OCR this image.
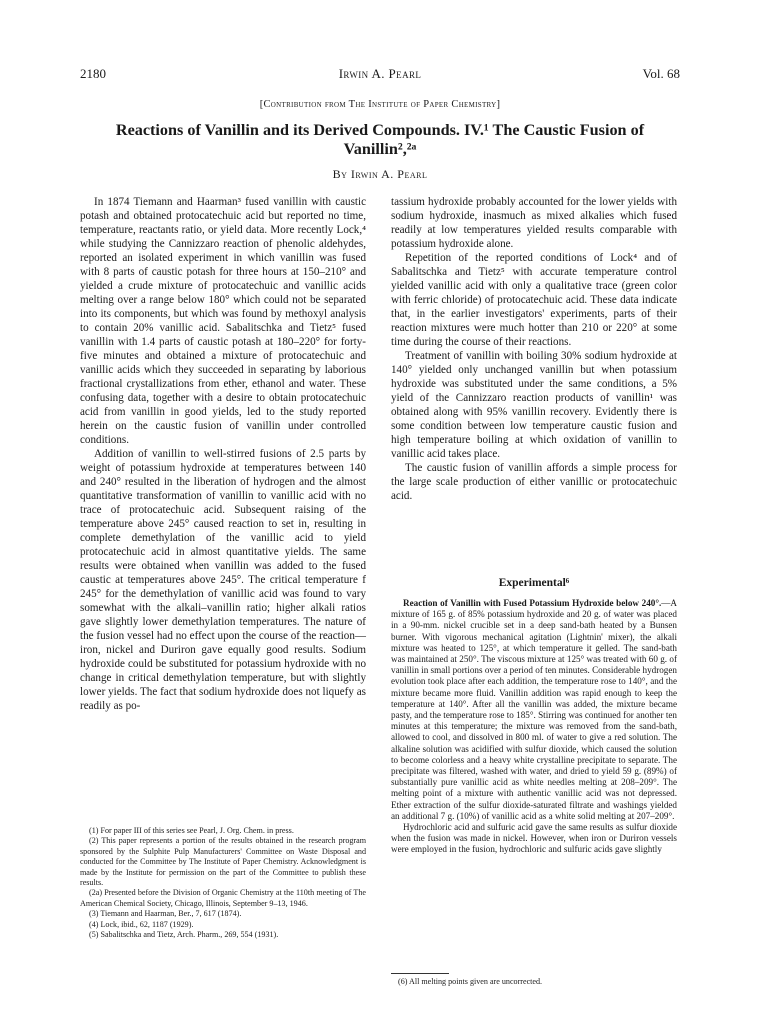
2180	Irwin A. Pearl	Vol. 68
[Contribution from The Institute of Paper Chemistry]
Reactions of Vanillin and its Derived Compounds. IV.¹ The Caustic Fusion of
Vanillin²,²ᵃ
By Irwin A. Pearl

In 1874 Tiemann and Haarman³ fused vanillin with caustic potash and obtained protocatechuic acid but reported no time, temperature, reactants ratio, or yield data. More recently Lock,⁴ while studying the Cannizzaro reaction of phenolic aldehydes, reported an isolated experiment in which vanillin was fused with 8 parts of caustic potash for three hours at 150–210° and yielded a crude mixture of protocatechuic and vanillic acids melting over a range below 180° which could not be separated into its components, but which was found by methoxyl analysis to contain 20% vanillic acid. Sabalitschka and Tietz⁵ fused vanillin with 1.4 parts of caustic potash at 180–220° for forty-five minutes and obtained a mixture of protocatechuic and vanillic acids which they succeeded in separating by laborious fractional crystallizations from ether, ethanol and water. These confusing data, together with a desire to obtain protocatechuic acid from vanillin in good yields, led to the study reported herein on the caustic fusion of vanillin under controlled conditions.

Addition of vanillin to well-stirred fusions of 2.5 parts by weight of potassium hydroxide at temperatures between 140 and 240° resulted in the liberation of hydrogen and the almost quantitative transformation of vanillin to vanillic acid with no trace of protocatechuic acid. Subsequent raising of the temperature above 245° caused reaction to set in, resulting in complete demethylation of the vanillic acid to yield protocatechuic acid in almost quantitative yields. The same results were obtained when vanillin was added to the fused caustic at temperatures above 245°. The critical temperature f 245° for the demethylation of vanillic acid was found to vary somewhat with the alkali–vanillin ratio; higher alkali ratios gave slightly lower demethylation temperatures. The nature of the fusion vessel had no effect upon the course of the reaction—iron, nickel and Duriron gave equally good results. Sodium hydroxide could be substituted for potassium hydroxide with no change in critical demethylation temperature, but with slightly lower yields. The fact that sodium hydroxide does not liquefy as readily as po-

(1) For paper III of this series see Pearl, J. Org. Chem. in press.

(2) This paper represents a portion of the results obtained in the research program sponsored by the Sulphite Pulp Manufacturers' Committee on Waste Disposal and conducted for the Committee by The Institute of Paper Chemistry. Acknowledgment is made by the Institute for permission on the part of the Committee to publish these results.

(2a) Presented before the Division of Organic Chemistry at the 110th meeting of The American Chemical Society, Chicago, Illinois, September 9–13, 1946.

(3) Tiemann and Haarman, Ber., 7, 617 (1874).

(4) Lock, ibid., 62, 1187 (1929).

(5) Sabalitschka and Tietz, Arch. Pharm., 269, 554 (1931).

tassium hydroxide probably accounted for the lower yields with sodium hydroxide, inasmuch as mixed alkalies which fused readily at low temperatures yielded results comparable with potassium hydroxide alone.

Repetition of the reported conditions of Lock⁴ and of Sabalitschka and Tietz⁵ with accurate temperature control yielded vanillic acid with only a qualitative trace (green color with ferric chloride) of protocatechuic acid. These data indicate that, in the earlier investigators' experiments, parts of their reaction mixtures were much hotter than 210 or 220° at some time during the course of their reactions.

Treatment of vanillin with boiling 30% sodium hydroxide at 140° yielded only unchanged vanillin but when potassium hydroxide was substituted under the same conditions, a 5% yield of the Cannizzaro reaction products of vanillin¹ was obtained along with 95% vanillin recovery. Evidently there is some condition between low temperature caustic fusion and high temperature boiling at which oxidation of vanillin to vanillic acid takes place.

The caustic fusion of vanillin affords a simple process for the large scale production of either vanillic or protocatechuic acid.

Experimental⁶

Reaction of Vanillin with Fused Potassium Hydroxide below 240°.—A mixture of 165 g. of 85% potassium hydroxide and 20 g. of water was placed in a 90-mm. nickel crucible set in a deep sand-bath heated by a Bunsen burner. With vigorous mechanical agitation (Lightnin' mixer), the alkali mixture was heated to 125°, at which temperature it gelled. The sand-bath was maintained at 250°. The viscous mixture at 125° was treated with 60 g. of vanillin in small portions over a period of ten minutes. Considerable hydrogen evolution took place after each addition, the temperature rose to 140°, and the mixture became more fluid. Vanillin addition was rapid enough to keep the temperature at 140°. After all the vanillin was added, the mixture became pasty, and the temperature rose to 185°. Stirring was continued for another ten minutes at this temperature; the mixture was removed from the sand-bath, allowed to cool, and dissolved in 800 ml. of water to give a red solution. The alkaline solution was acidified with sulfur dioxide, which caused the solution to become colorless and a heavy white crystalline precipitate to separate. The precipitate was filtered, washed with water, and dried to yield 59 g. (89%) of substantially pure vanillic acid as white needles melting at 208–209°. The melting point of a mixture with authentic vanillic acid was not depressed. Ether extraction of the sulfur dioxide-saturated filtrate and washings yielded an additional 7 g. (10%) of vanillic acid as a white solid melting at 207–209°.

Hydrochloric acid and sulfuric acid gave the same results as sulfur dioxide when the fusion was made in nickel. However, when iron or Duriron vessels were employed in the fusion, hydrochloric and sulfuric acids gave slightly

(6) All melting points given are uncorrected.
